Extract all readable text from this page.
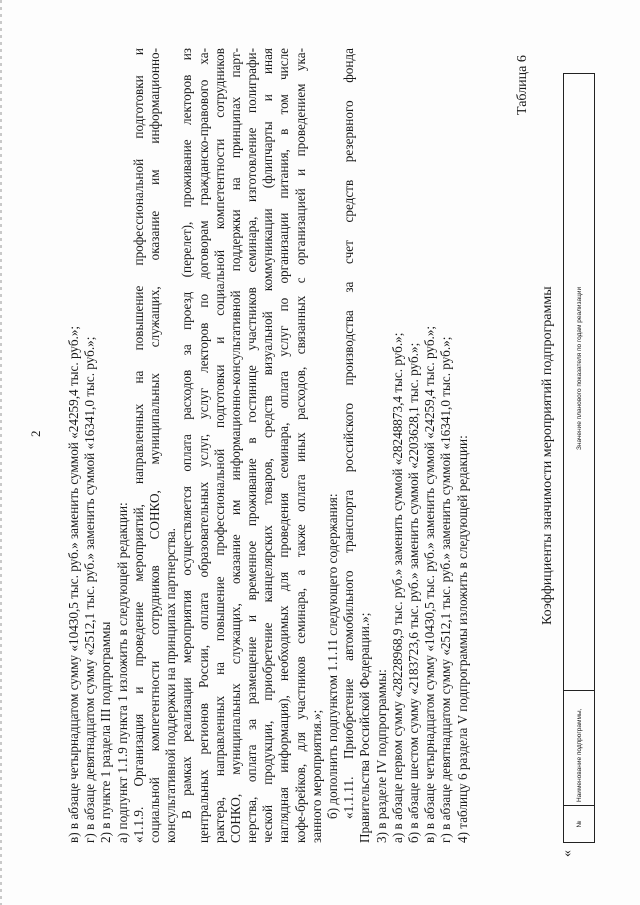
2 в) в абзаце четырнадцатом сумму «10430,5 тыс. руб.» заменить суммой «24259,4 тыс. руб.»; г) в абзаце девятнадцатом сумму «2512,1 тыс. руб.» заменить суммой «16341,0 тыс. руб.»; 2) в пункте 1 раздела III подпрограммы а) подпункт 1.1.9 пункта 1 изложить в следующей редакции: «1.1.9. Организация и проведение мероприятий, направленных на повышение профессиональной подготовки и социальной компетентности сотрудников СОНКО, муниципальных служащих, оказание им информационно- консультативной поддержки на принципах партнерства. В рамках реализации мероприятия осуществляется оплата расходов за проезд (перелет), проживание лекторов из центральных регионов России, оплата образовательных услуг, услуг лекторов по договорам гражданско-правового ха- рактера, направленных на повышение профессиональной подготовки и социальной компетентности сотрудников СОНКО, муниципальных служащих, оказание им информационно-консультативной поддержки на принципах парт- нерства, оплата за размещение и временное проживание в гостинице участников семинара, изготовление полиграфи- ческой продукции, приобретение канцелярских товаров, средств визуальной коммуникации (флипчарты и иная наглядная информация), необходимых для проведения семинара, оплата услуг по организации питания, в том числе кофе-брейков, для участников семинара, а также оплата иных расходов, связанных с организацией и проведением ука- занного мероприятия.»; б) дополнить подпунктом 1.1.11 следующего содержания: «1.1.11. Приобретение автомобильного транспорта российского производства за счет средств резервного фонда Правительства Российской Федерации.»; 3) в разделе IV подпрограммы: а) в абзаце первом сумму «28228968,9 тыс. руб.» заменить суммой «28248873,4 тыс. руб.»; б) в абзаце шестом сумму «2183723,6 тыс. руб.» заменить суммой «2203628,1 тыс. руб.»; в) в абзаце четырнадцатом сумму «10430,5 тыс. руб.» заменить суммой «24259,4 тыс. руб.»; г) в абзаце девятнадцатом сумму «2512,1 тыс. руб.» заменить суммой «16341,0 тыс. руб.»; 4) таблицу 6 раздела V подпрограммы изложить в следующей редакции:
Таблица 6
Коэффициенты значимости мероприятий подпрограммы
«
№	Наименование подпрограммы,	Значение планового показателя по годам реализации
